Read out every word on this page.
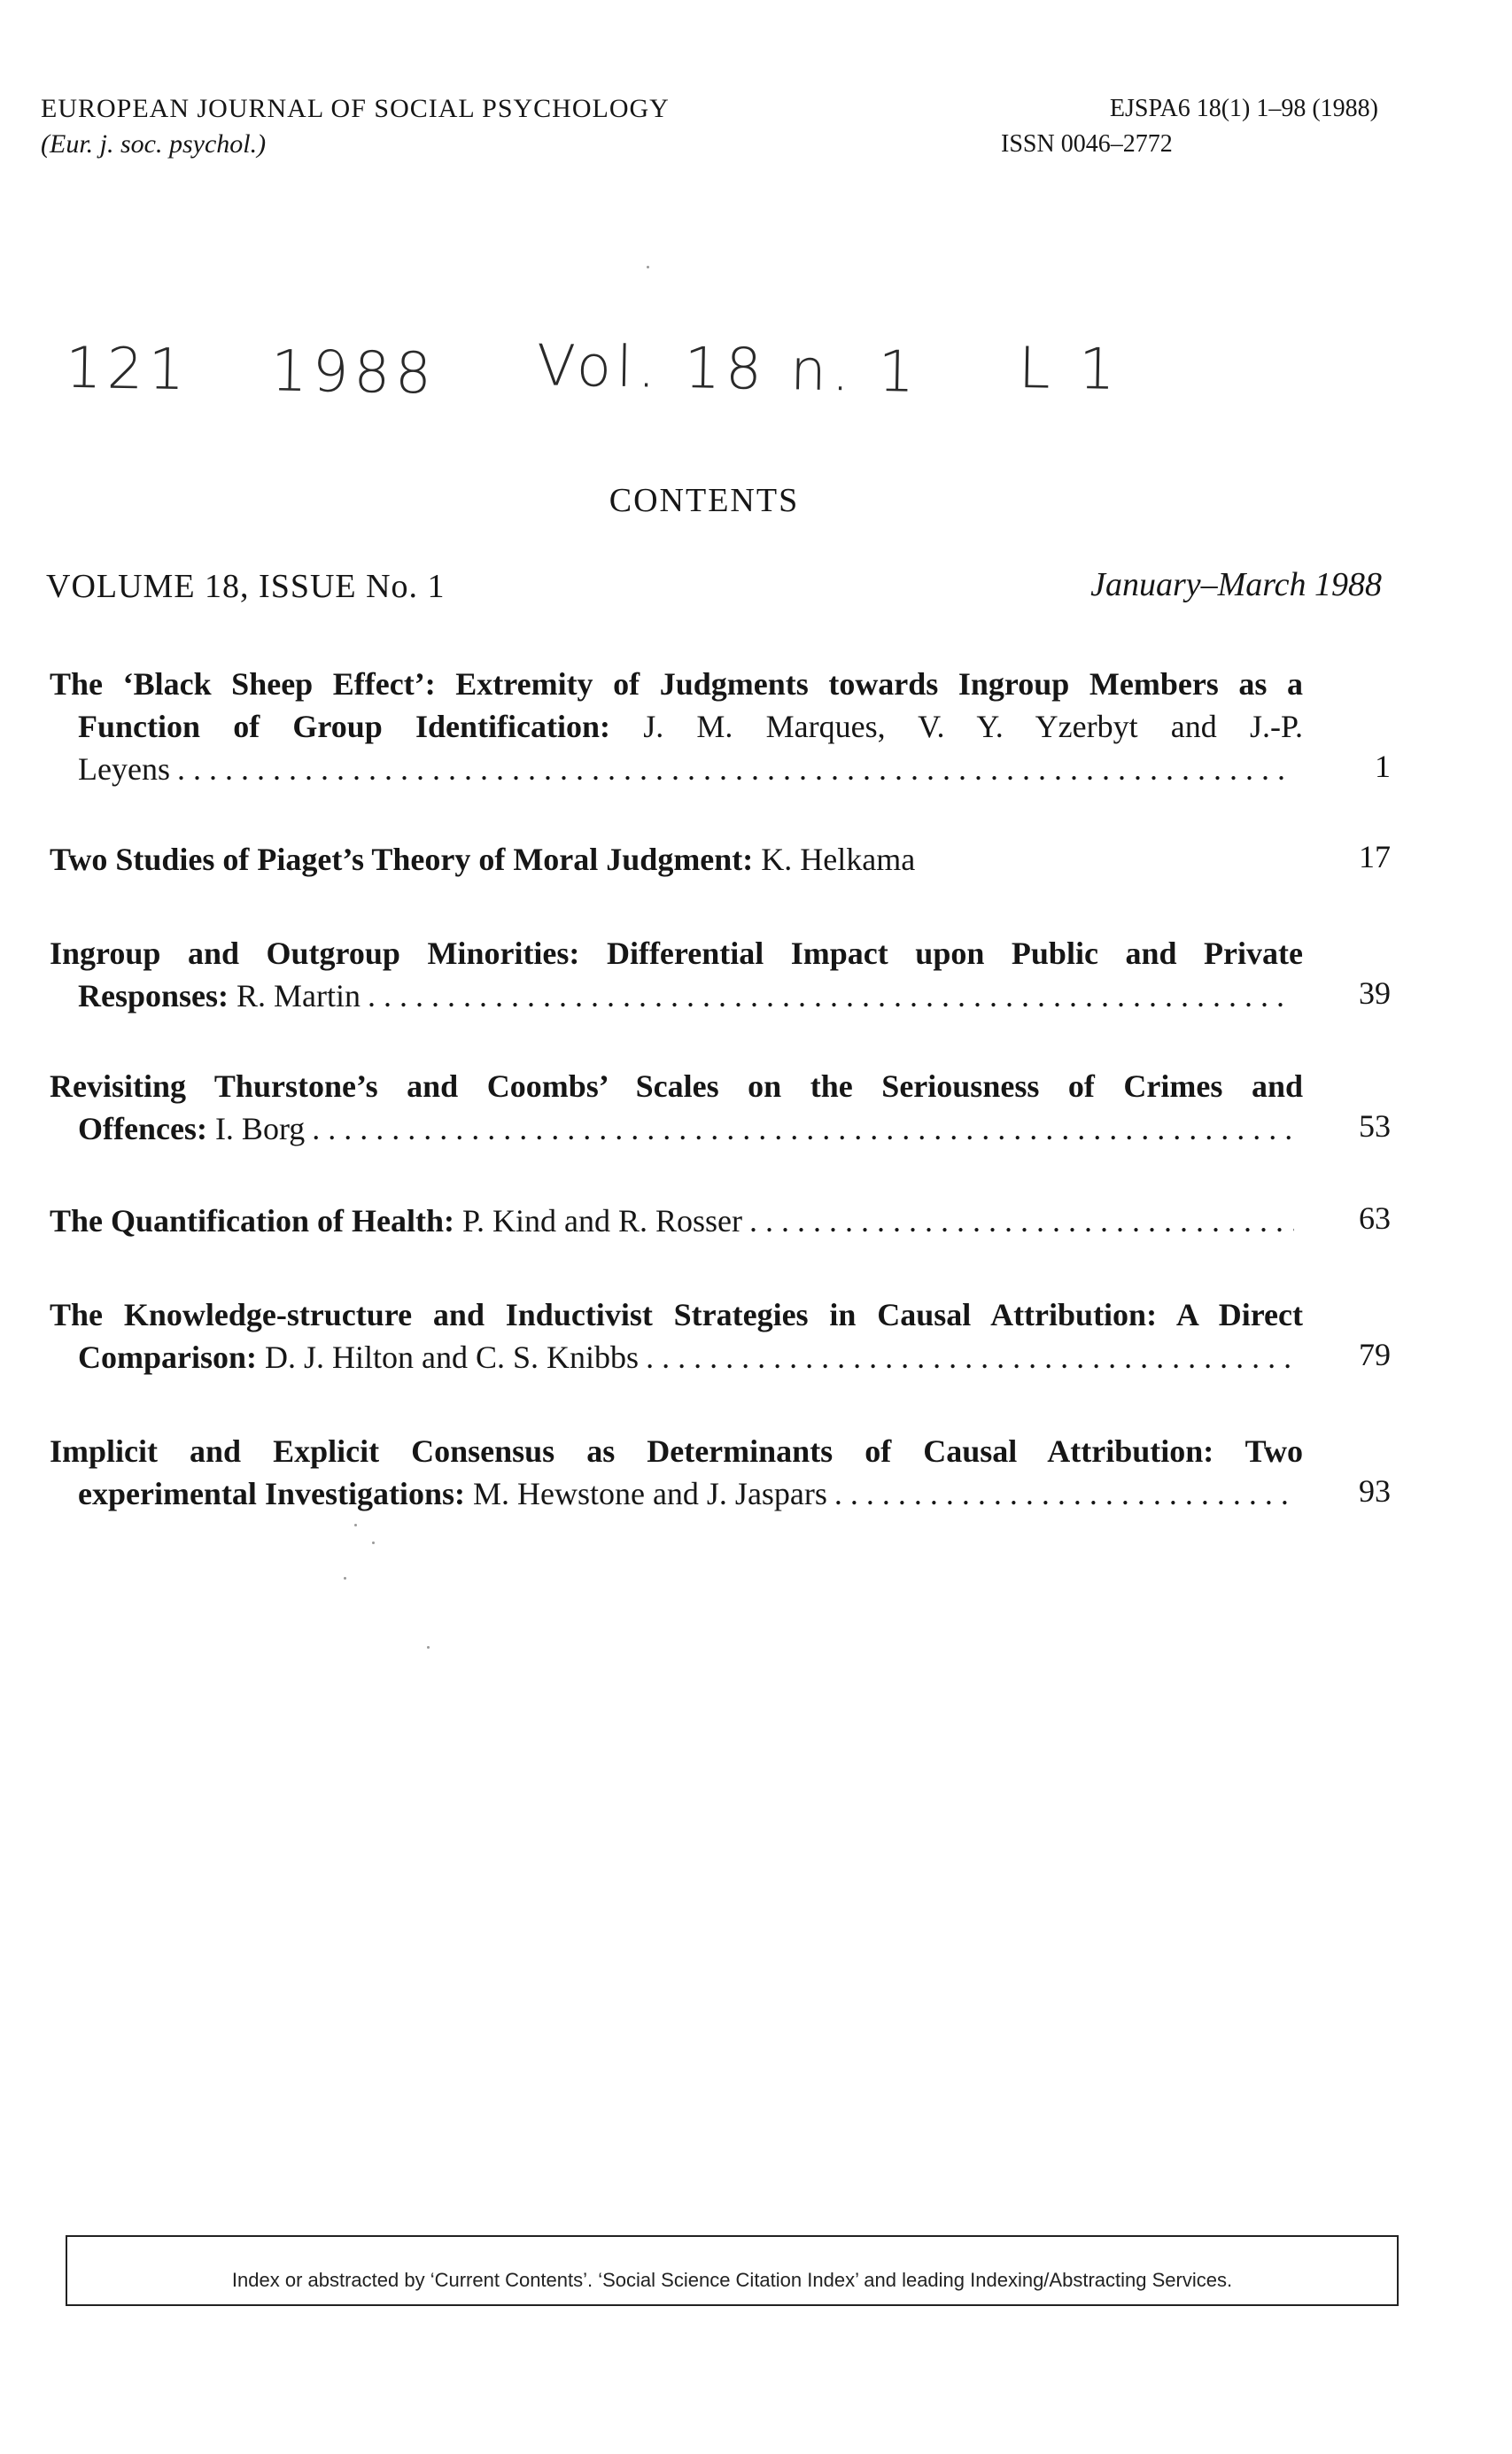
EUROPEAN JOURNAL OF SOCIAL PSYCHOLOGY
(Eur. j. soc. psychol.)
EJSPA6 18(1) 1–98 (1988)
ISSN 0046–2772
121 1988 Vol. 18 n. 1 L 1
CONTENTS
VOLUME 18, ISSUE No. 1	January–March 1988
The ‘Black Sheep Effect’: Extremity of Judgments towards Ingroup Members as a
Function of Group Identification: J. M. Marques, V. Y. Yzerbyt and J.-P.
Leyens . . .	1
Two Studies of Piaget’s Theory of Moral Judgment: K. Helkama	17
Ingroup and Outgroup Minorities: Differential Impact upon Public and Private
Responses: R. Martin . . .	39
Revisiting Thurstone’s and Coombs’ Scales on the Seriousness of Crimes and
Offences: I. Borg . . .	53
The Quantification of Health: P. Kind and R. Rosser . . .	63
The Knowledge-structure and Inductivist Strategies in Causal Attribution: A Direct
Comparison: D. J. Hilton and C. S. Knibbs . . .	79
Implicit and Explicit Consensus as Determinants of Causal Attribution: Two
experimental Investigations: M. Hewstone and J. Jaspars . . .	93
Index or abstracted by ‘Current Contents’. ‘Social Science Citation Index’ and leading Indexing/Abstracting Services.
